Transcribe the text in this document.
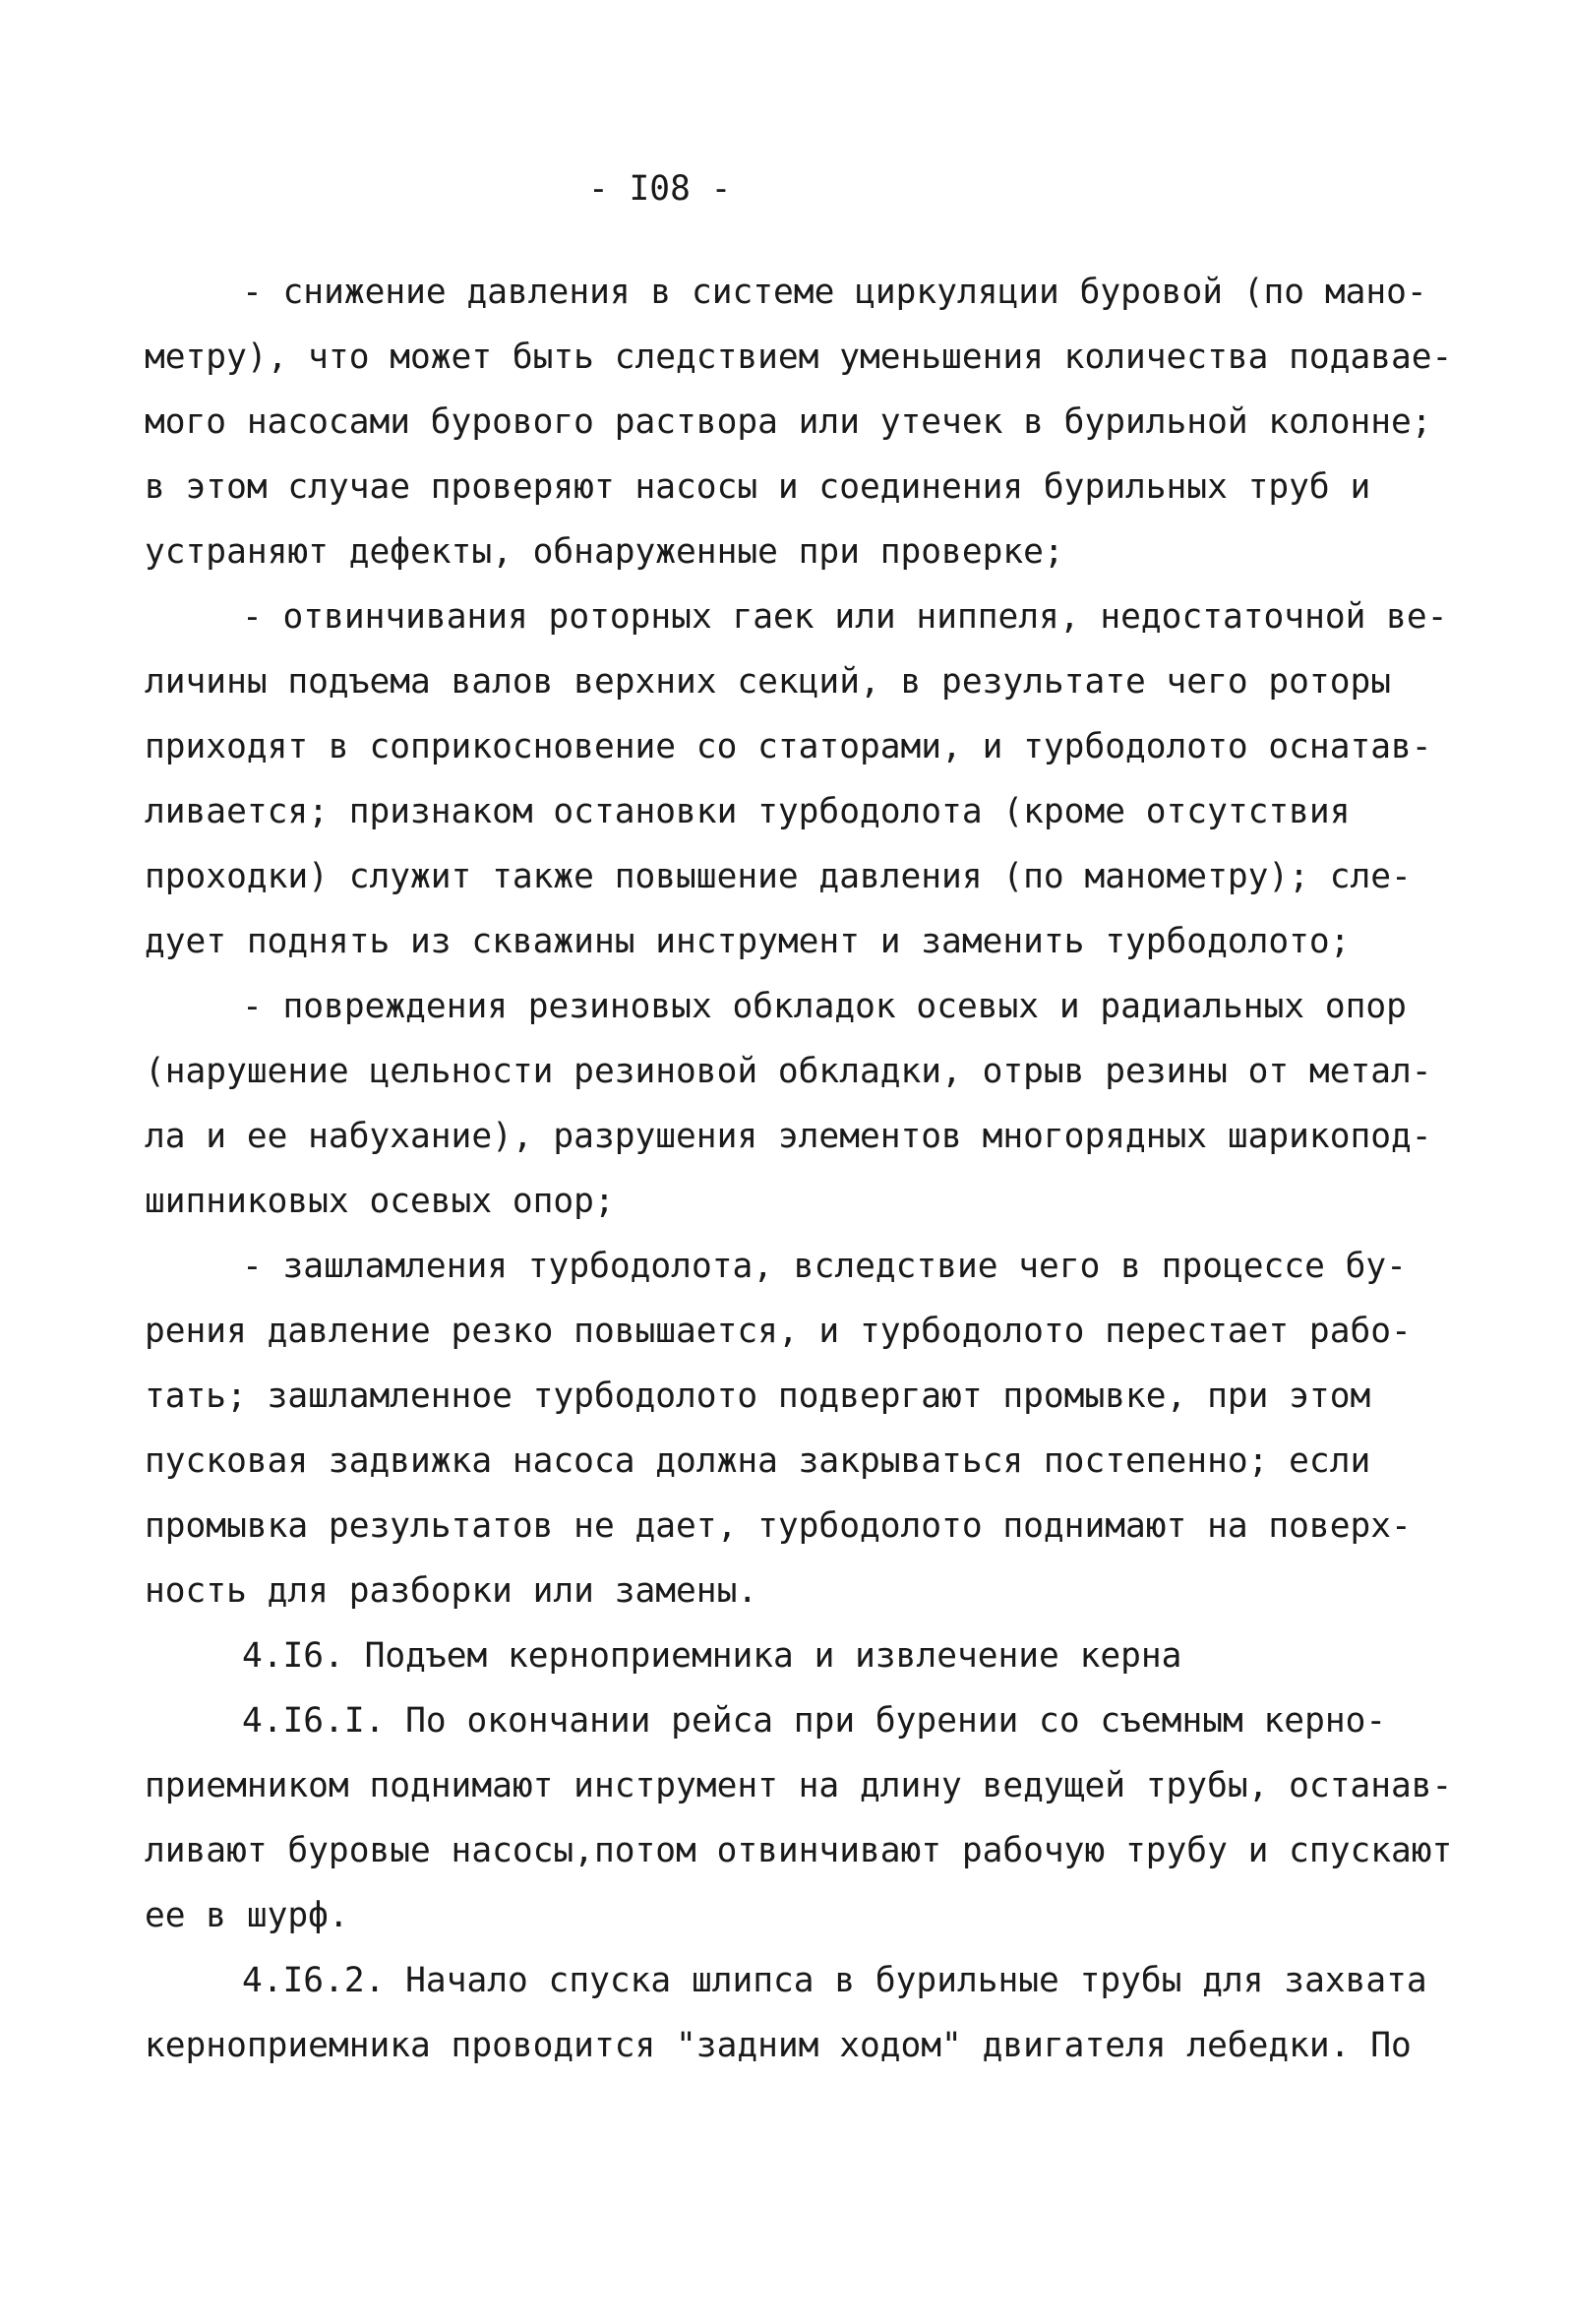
- I08 -
- снижение давления в системе циркуляции буровой (по мано-
метру), что может быть следствием уменьшения количества подавае-
мого насосами бурового раствора или утечек в бурильной колонне;
в этом случае проверяют насосы и соединения бурильных труб и
устраняют дефекты, обнаруженные при проверке;
- отвинчивания роторных гаек или ниппеля, недостаточной ве-
личины подъема валов верхних секций, в результате чего роторы
приходят в соприкосновение со статорами, и турбодолото оснатав-
ливается; признаком остановки турбодолота (кроме отсутствия
проходки) служит также повышение давления (по манометру); сле-
дует поднять из скважины инструмент и заменить турбодолото;
- повреждения резиновых обкладок осевых и радиальных опор
(нарушение цельности резиновой обкладки, отрыв резины от метал-
ла и ее набухание), разрушения элементов многорядных шарикопод-
шипниковых осевых опор;
- зашламления турбодолота, вследствие чего в процессе бу-
рения давление резко повышается, и турбодолото перестает рабо-
тать; зашламленное турбодолото подвергают промывке, при этом
пусковая задвижка насоса должна закрываться постепенно; если
промывка результатов не дает, турбодолото поднимают на поверх-
ность для разборки или замены.
4.I6. Подъем керноприемника и извлечение керна
4.I6.I. По окончании рейса при бурении со съемным керно-
приемником поднимают инструмент на длину ведущей трубы, останав-
ливают буровые насосы,потом отвинчивают рабочую трубу и спускают
ее в шурф.
4.I6.2. Начало спуска шлипса в бурильные трубы для захвата
керноприемника проводится "задним ходом" двигателя лебедки. По
